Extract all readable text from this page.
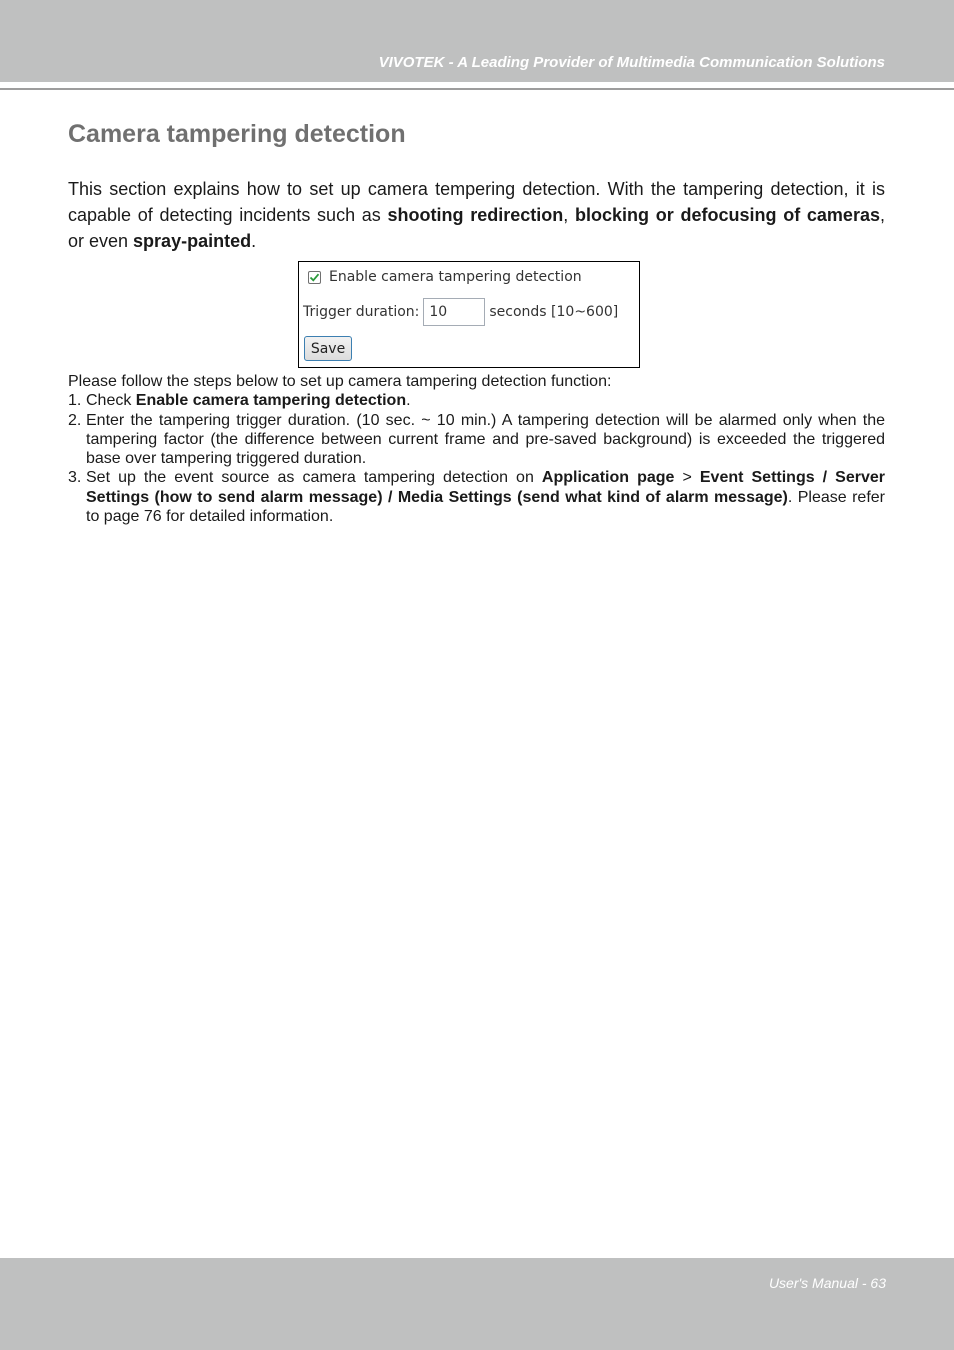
VIVOTEK - A Leading Provider of Multimedia Communication Solutions
Camera tampering detection

This section explains how to set up camera tempering detection. With the tampering detection, it is capable of detecting incidents such as shooting redirection, blocking or defocusing of cameras, or even spray-painted.

Enable camera tampering detection
Trigger duration:
10	seconds [10~600]
Save

Please follow the steps below to set up camera tampering detection function:

1. Check Enable camera tampering detection.
2. Enter the tampering trigger duration. (10 sec. ~ 10 min.) A tampering detection will be alarmed only when the tampering factor (the difference between current frame and pre-saved background) is exceeded the triggered base over tampering triggered duration.
3. Set up the event source as camera tampering detection on Application page > Event Settings / Server Settings (how to send alarm message) / Media Settings (send what kind of alarm message). Please refer to page 76 for detailed information.
User's Manual - 63
